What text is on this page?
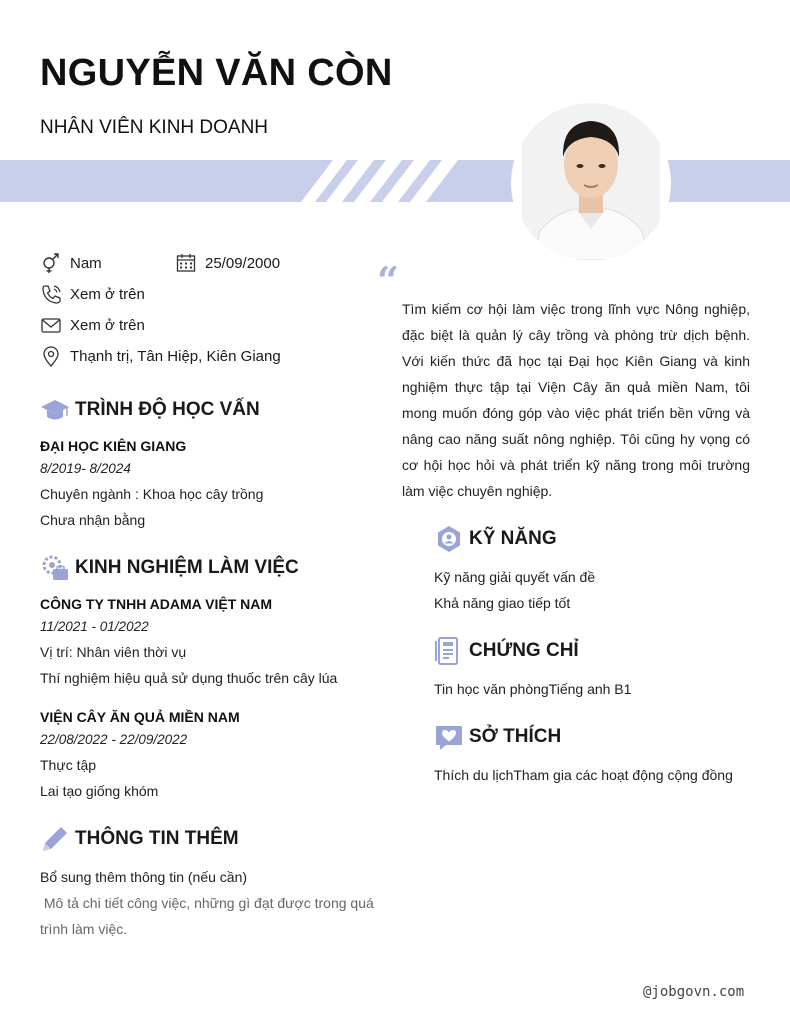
NGUYỄN VĂN CÒN
NHÂN VIÊN KINH DOANH
Nam	25/09/2000
Xem ở trên
Xem ở trên
Thạnh trị, Tân Hiệp, Kiên Giang
TRÌNH ĐỘ HỌC VẤN
ĐẠI HỌC KIÊN GIANG
8/2019- 8/2024
Chuyên ngành : Khoa học cây trồng
Chưa nhận bằng
KINH NGHIỆM LÀM VIỆC
CÔNG TY TNHH ADAMA VIỆT NAM
11/2021 - 01/2022
Vị trí: Nhân viên thời vụ
Thí nghiệm hiệu quả sử dụng thuốc trên cây lúa
VIỆN CÂY ĂN QUẢ MIỀN NAM
22/08/2022 - 22/09/2022
Thực tập
Lai tạo giống khóm
THÔNG TIN THÊM
Bổ sung thêm thông tin (nếu cần)
Mô tả chi tiết công việc, những gì đạt được trong quá
trình làm việc.
“
Tìm kiếm cơ hội làm việc trong lĩnh vực Nông nghiệp, đặc biệt là quản lý cây trồng và phòng trừ dịch bệnh. Với kiến thức đã học tại Đại học Kiên Giang và kinh nghiệm thực tập tại Viện Cây ăn quả miền Nam, tôi mong muốn đóng góp vào việc phát triển bền vững và nâng cao năng suất nông nghiệp. Tôi cũng hy vọng có cơ hội học hỏi và phát triển kỹ năng trong môi trường làm việc chuyên nghiệp.
KỸ NĂNG
Kỹ năng giải quyết vấn đề
Khả năng giao tiếp tốt
CHỨNG CHỈ
Tin học văn phòngTiếng anh B1
SỞ THÍCH
Thích du lịchTham gia các hoạt động cộng đồng
@jobgovn.com
